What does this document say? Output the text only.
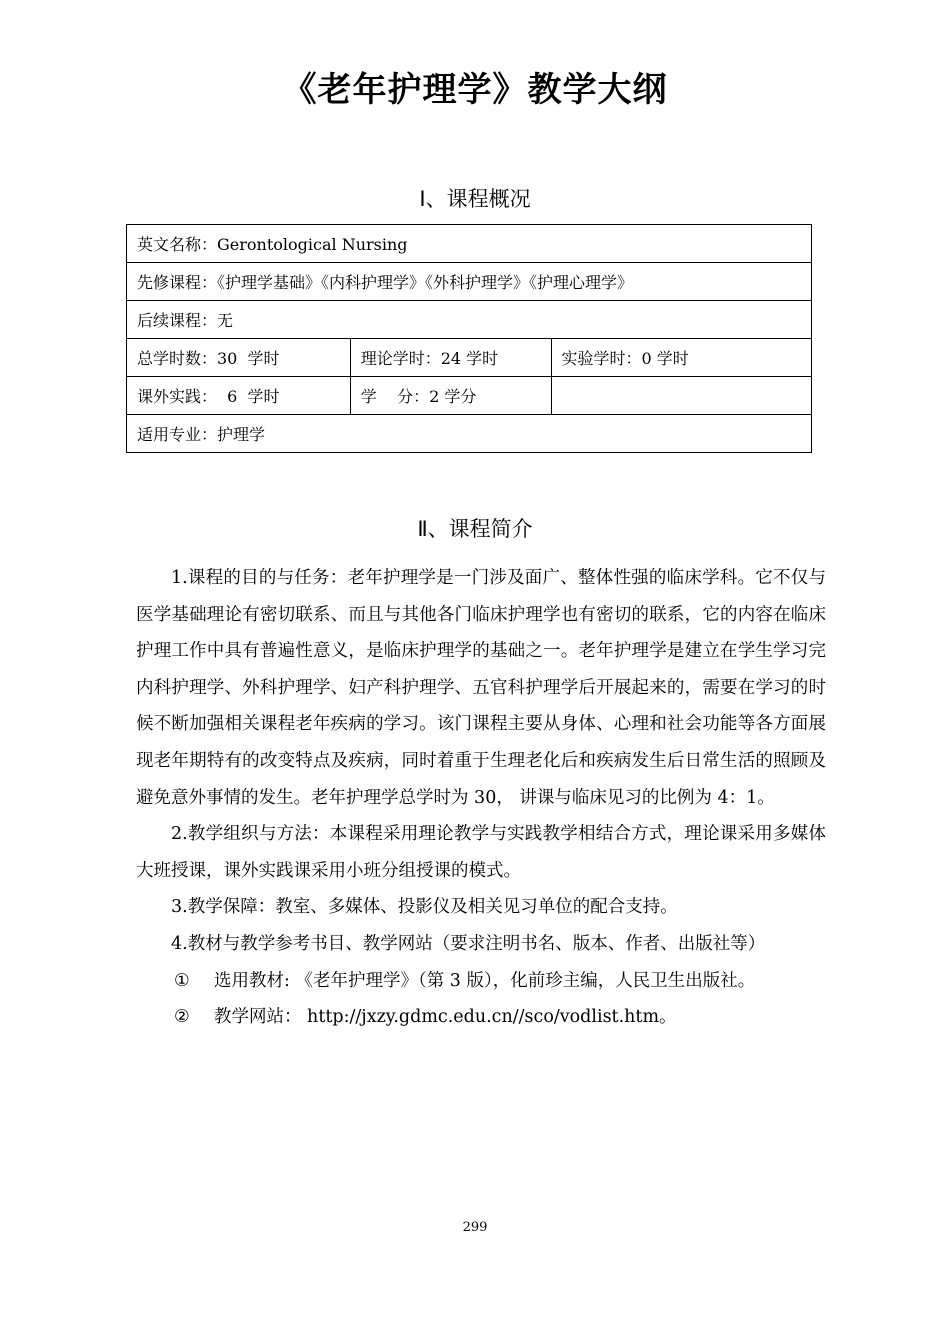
《老年护理学》教学大纲
Ⅰ、课程概况
英文名称：Gerontological Nursing		
先修课程：《护理学基础》《内科护理学》《外科护理学》《护理心理学》		
后续课程：无		
总学时数：30  学时	理论学时：24 学时	实验学时：0 学时
课外实践：  6  学时	学    分：2 学分	
适用专业：护理学		
Ⅱ、课程简介

1.课程的目的与任务：老年护理学是一门涉及面广、整体性强的临床学科。它不仅与医学基础理论有密切联系、而且与其他各门临床护理学也有密切的联系，它的内容在临床护理工作中具有普遍性意义，是临床护理学的基础之一。老年护理学是建立在学生学习完内科护理学、外科护理学、妇产科护理学、五官科护理学后开展起来的，需要在学习的时候不断加强相关课程老年疾病的学习。该门课程主要从身体、心理和社会功能等各方面展现老年期特有的改变特点及疾病，同时着重于生理老化后和疾病发生后日常生活的照顾及避免意外事情的发生。老年护理学总学时为 30， 讲课与临床见习的比例为 4：1。

2.教学组织与方法：本课程采用理论教学与实践教学相结合方式，理论课采用多媒体大班授课，课外实践课采用小班分组授课的模式。

3.教学保障：教室、多媒体、投影仪及相关见习单位的配合支持。

4.教材与教学参考书目、教学网站（要求注明书名、版本、作者、出版社等）

① 选用教材: 《老年护理学》（第 3 版），化前珍主编，人民卫生出版社。

② 教学网站： http://jxzy.gdmc.edu.cn//sco/vodlist.htm。

299
